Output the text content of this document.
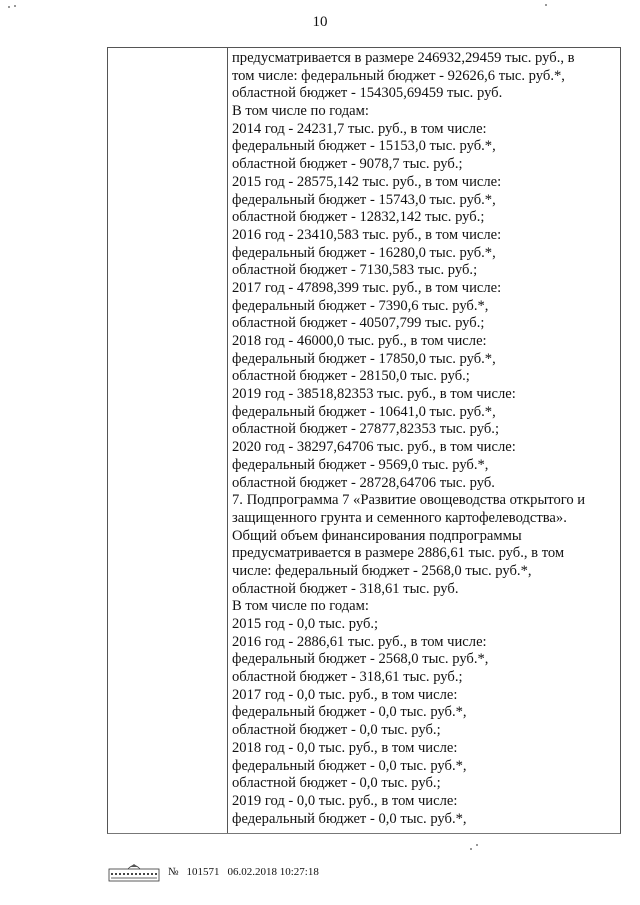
10
предусматривается в размере 246932,29459 тыс. руб., в
том числе: федеральный бюджет - 92626,6 тыс. руб.*,
областной бюджет - 154305,69459 тыс. руб.
В том числе по годам:
2014 год - 24231,7 тыс. руб., в том числе:
федеральный бюджет - 15153,0 тыс. руб.*,
областной бюджет - 9078,7 тыс. руб.;
2015 год - 28575,142 тыс. руб., в том числе:
федеральный бюджет - 15743,0 тыс. руб.*,
областной бюджет - 12832,142 тыс. руб.;
2016 год - 23410,583 тыс. руб., в том числе:
федеральный бюджет - 16280,0 тыс. руб.*,
областной бюджет - 7130,583 тыс. руб.;
2017 год - 47898,399 тыс. руб., в том числе:
федеральный бюджет - 7390,6 тыс. руб.*,
областной бюджет - 40507,799 тыс. руб.;
2018 год - 46000,0 тыс. руб., в том числе:
федеральный бюджет - 17850,0 тыс. руб.*,
областной бюджет - 28150,0 тыс. руб.;
2019 год - 38518,82353 тыс. руб., в том числе:
федеральный бюджет - 10641,0 тыс. руб.*,
областной бюджет - 27877,82353 тыс. руб.;
2020 год - 38297,64706 тыс. руб., в том числе:
федеральный бюджет - 9569,0 тыс. руб.*,
областной бюджет - 28728,64706 тыс. руб.
7. Подпрограмма 7 «Развитие овощеводства открытого и
защищенного грунта и семенного картофелеводства».
Общий объем финансирования подпрограммы
предусматривается в размере 2886,61 тыс. руб., в том
числе: федеральный бюджет - 2568,0 тыс. руб.*,
областной бюджет - 318,61 тыс. руб.
В том числе по годам:
2015 год - 0,0 тыс. руб.;
2016 год - 2886,61 тыс. руб., в том числе:
федеральный бюджет - 2568,0 тыс. руб.*,
областной бюджет - 318,61 тыс. руб.;
2017 год - 0,0 тыс. руб., в том числе:
федеральный бюджет - 0,0 тыс. руб.*,
областной бюджет - 0,0 тыс. руб.;
2018 год - 0,0 тыс. руб., в том числе:
федеральный бюджет - 0,0 тыс. руб.*,
областной бюджет - 0,0 тыс. руб.;
2019 год - 0,0 тыс. руб., в том числе:
федеральный бюджет - 0,0 тыс. руб.*,
№ 101571 06.02.2018 10:27:18
